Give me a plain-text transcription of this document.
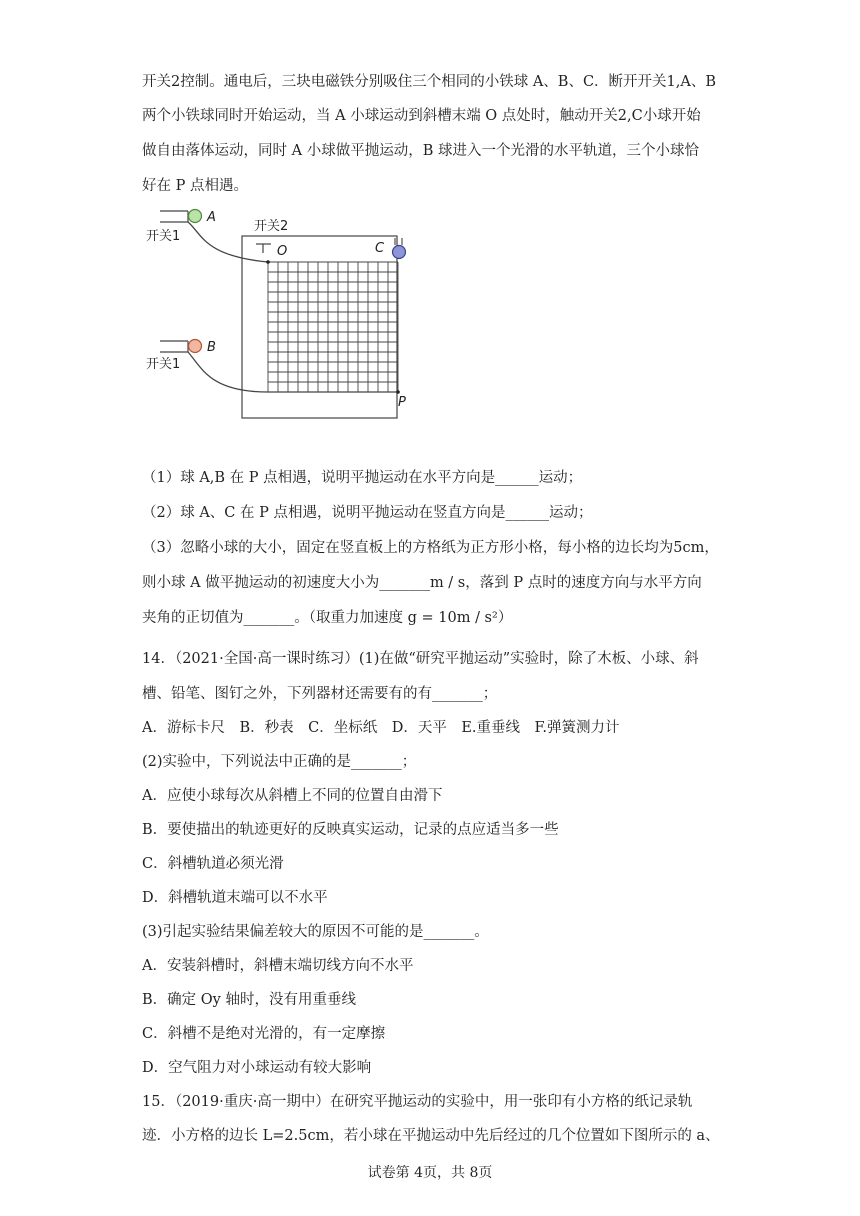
开关2控制。通电后，三块电磁铁分别吸住三个相同的小铁球 A、B、C．断开开关1,A、B
两个小铁球同时开始运动，当 A 小球运动到斜槽末端 O 点处时，触动开关2,C小球开始
做自由落体运动，同时 A 小球做平抛运动，B 球进入一个光滑的水平轨道，三个小球恰
好在 P 点相遇。
A
开关1
开关2
O	C
B
开关1
P
（1）球 A,B 在 P 点相遇，说明平抛运动在水平方向是______运动；
（2）球 A、C 在 P 点相遇，说明平抛运动在竖直方向是______运动；
（3）忽略小球的大小，固定在竖直板上的方格纸为正方形小格，每小格的边长均为5cm，
则小球 A 做平抛运动的初速度大小为_______m / s，落到 P 点时的速度方向与水平方向
夹角的正切值为_______。（取重力加速度 g = 10m / s²）
14．（2021·全国·高一课时练习）(1)在做“研究平抛运动”实验时，除了木板、小球、斜
槽、铅笔、图钉之外，下列器材还需要有的有_______；
A．游标卡尺　B．秒表　C．坐标纸　D．天平　E.重垂线　F.弹簧测力计
(2)实验中，下列说法中正确的是_______；
A．应使小球每次从斜槽上不同的位置自由滑下
B．要使描出的轨迹更好的反映真实运动，记录的点应适当多一些
C．斜槽轨道必须光滑
D．斜槽轨道末端可以不水平
(3)引起实验结果偏差较大的原因不可能的是_______。
A．安装斜槽时，斜槽末端切线方向不水平
B．确定 Oy 轴时，没有用重垂线
C．斜槽不是绝对光滑的，有一定摩擦
D．空气阻力对小球运动有较大影响
15．（2019·重庆·高一期中）在研究平抛运动的实验中，用一张印有小方格的纸记录轨
迹．小方格的边长 L=2.5cm，若小球在平抛运动中先后经过的几个位置如下图所示的 a、
试卷第 4页，共 8页
